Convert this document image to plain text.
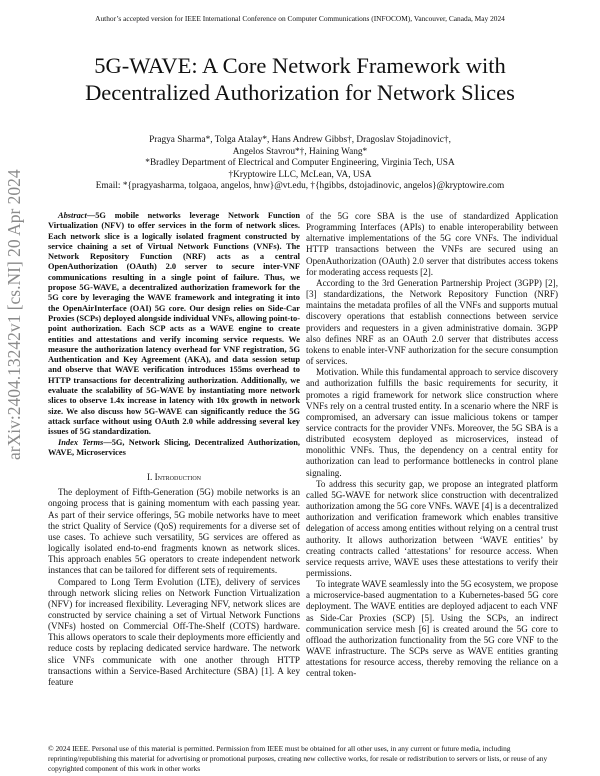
Author’s accepted version for IEEE International Conference on Computer Communications (INFOCOM), Vancouver, Canada, May 2024
5G-WAVE: A Core Network Framework with
Decentralized Authorization for Network Slices
Pragya Sharma*, Tolga Atalay*, Hans Andrew Gibbs†, Dragoslav Stojadinovic†,
Angelos Stavrou*†, Haining Wang*
*Bradley Department of Electrical and Computer Engineering, Virginia Tech, USA
†Kryptowire LLC, McLean, VA, USA
Email: *{pragyasharma, tolgaoa, angelos, hnw}@vt.edu, †{hgibbs, dstojadinovic, angelos}@kryptowire.com
arXiv:2404.13242v1 [cs.NI] 20 Apr 2024	Abstract—5G mobile networks leverage Network Function Virtualization (NFV) to offer services in the form of network slices. Each network slice is a logically isolated fragment constructed by service chaining a set of Virtual Network Functions (VNFs). The Network Repository Function (NRF) acts as a central OpenAuthorization (OAuth) 2.0 server to secure inter-VNF communications resulting in a single point of failure. Thus, we propose 5G-WAVE, a decentralized authorization framework for the 5G core by leveraging the WAVE framework and integrating it into the OpenAirInterface (OAI) 5G core. Our design relies on Side-Car Proxies (SCPs) deployed alongside individual VNFs, allowing point-to-point authorization. Each SCP acts as a WAVE engine to create entities and attestations and verify incoming service requests. We measure the authorization latency overhead for VNF registration, 5G Authentication and Key Agreement (AKA), and data session setup and observe that WAVE verification introduces 155ms overhead to HTTP transactions for decentralizing authorization. Additionally, we evaluate the scalability of 5G-WAVE by instantiating more network slices to observe 1.4x increase in latency with 10x growth in network size. We also discuss how 5G-WAVE can significantly reduce the 5G attack surface without using OAuth 2.0 while addressing several key issues of 5G standardization.

Index Terms—5G, Network Slicing, Decentralized Authorization, WAVE, Microservices

I. Introduction

The deployment of Fifth-Generation (5G) mobile networks is an ongoing process that is gaining momentum with each passing year. As part of their service offerings, 5G mobile networks have to meet the strict Quality of Service (QoS) requirements for a diverse set of use cases. To achieve such versatility, 5G services are offered as logically isolated end-to-end fragments known as network slices. This approach enables 5G operators to create independent network instances that can be tailored for different sets of requirements.

Compared to Long Term Evolution (LTE), delivery of services through network slicing relies on Network Function Virtualization (NFV) for increased flexibility. Leveraging NFV, network slices are constructed by service chaining a set of Virtual Network Functions (VNFs) hosted on Commercial Off-The-Shelf (COTS) hardware. This allows operators to scale their deployments more efficiently and reduce costs by replacing dedicated service hardware. The network slice VNFs communicate with one another through HTTP transactions within a Service-Based Architecture (SBA) [1]. A key feature

of the 5G core SBA is the use of standardized Application Programming Interfaces (APIs) to enable interoperability between alternative implementations of the 5G core VNFs. The individual HTTP transactions between the VNFs are secured using an OpenAuthorization (OAuth) 2.0 server that distributes access tokens for moderating access requests [2].

According to the 3rd Generation Partnership Project (3GPP) [2], [3] standardizations, the Network Repository Function (NRF) maintains the metadata profiles of all the VNFs and supports mutual discovery operations that establish connections between service providers and requesters in a given administrative domain. 3GPP also defines NRF as an OAuth 2.0 server that distributes access tokens to enable inter-VNF authorization for the secure consumption of services.

Motivation. While this fundamental approach to service discovery and authorization fulfills the basic requirements for security, it promotes a rigid framework for network slice construction where VNFs rely on a central trusted entity. In a scenario where the NRF is compromised, an adversary can issue malicious tokens or tamper service contracts for the provider VNFs. Moreover, the 5G SBA is a distributed ecosystem deployed as microservices, instead of monolithic VNFs. Thus, the dependency on a central entity for authorization can lead to performance bottlenecks in control plane signaling.

To address this security gap, we propose an integrated platform called 5G-WAVE for network slice construction with decentralized authorization among the 5G core VNFs. WAVE [4] is a decentralized authorization and verification framework which enables transitive delegation of access among entities without relying on a central trust authority. It allows authorization between ‘WAVE entities’ by creating contracts called ‘attestations’ for resource access. When service requests arrive, WAVE uses these attestations to verify their permissions.

To integrate WAVE seamlessly into the 5G ecosystem, we propose a microservice-based augmentation to a Kubernetes-based 5G core deployment. The WAVE entities are deployed adjacent to each VNF as Side-Car Proxies (SCP) [5]. Using the SCPs, an indirect communication service mesh [6] is created around the 5G core to offload the authorization functionality from the 5G core VNF to the WAVE infrastructure. The SCPs serve as WAVE entities granting attestations for resource access, thereby removing the reliance on a central token-

© 2024 IEEE. Personal use of this material is permitted. Permission from IEEE must be obtained for all other uses, in any current or future media, including reprinting/republishing this material for advertising or promotional purposes, creating new collective works, for resale or redistribution to servers or lists, or reuse of any copyrighted component of this work in other works
